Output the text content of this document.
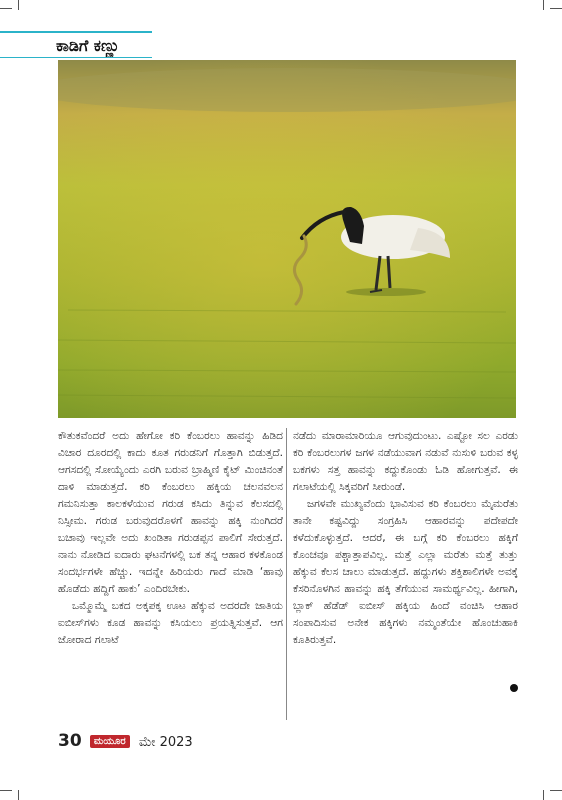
ಕಾಡಿಗೆ ಕಣ್ಣು

ಕೌತುಕವೆಂದರೆ ಅದು ಹೇಗೋ ಕರಿ ಕೆಂಬರಲು ಹಾವನ್ನು ಹಿಡಿದ ವಿಚಾರ ದೂರದಲ್ಲಿ ಕಾದು ಕೂತ ಗರುಡನಿಗೆ ಗೊತ್ತಾಗಿ ಬಿಡುತ್ತದೆ. ಆಗಸದಲ್ಲಿ ಸೋಯ್ಯೆಂದು ಎರಗಿ ಬರುವ ಬ್ರಾಹ್ಮಿಣಿ ಕೈಟ್ ಮಿಂಚಿನಂತೆ ದಾಳಿ ಮಾಡುತ್ತದೆ. ಕರಿ ಕೆಂಬರಲು ಹಕ್ಕಿಯ ಚಲನವಲನ ಗಮನಿಸುತ್ತಾ ಕಾಲಕಳೆಯುವ ಗರುಡ ಕಸಿದು ತಿನ್ನುವ ಕೆಲಸದಲ್ಲಿ ನಿಸ್ಸೀಮ. ಗರುಡ ಬರುವುದರೊಳಗೆ ಹಾವನ್ನು ಹಕ್ಕಿ ನುಂಗಿದರೆ ಬಚಾವು ಇಲ್ಲವೇ ಅದು ಖಂಡಿತಾ ಗರುಡಪ್ಪನ ಪಾಲಿಗೆ ಸೇರುತ್ತದೆ. ನಾನು ನೋಡಿದ ಐದಾರು ಘಟನೆಗಳಲ್ಲಿ ಬಕ ತನ್ನ ಆಹಾರ ಕಳಕೊಂಡ ಸಂದರ್ಭಗಳೇ ಹೆಚ್ಚು. ಇದನ್ನೇ ಹಿರಿಯರು ಗಾದೆ ಮಾಡಿ ‘ಹಾವು ಹೊಡೆದು ಹದ್ದಿಗೆ ಹಾಕು’ ಎಂದಿರಬೇಕು.

ಒಮ್ಮೊಮ್ಮೆ ಬಕದ ಅಕ್ಕಪಕ್ಕ ಊಟ ಹೆಕ್ಕುವ ಅದರದೇ ಜಾತಿಯ ಐಬೀಸ್‌ಗಳು ಕೂಡ ಹಾವನ್ನು ಕಸಿಯಲು ಪ್ರಯತ್ನಿಸುತ್ತವೆ. ಆಗ ಜೋರಾದ ಗಲಾಟೆ

ನಡೆದು ಮಾರಾಮಾರಿಯೂ ಆಗುವುದುಂಟು. ಎಷ್ಟೋ ಸಲ ಎರಡು ಕರಿ ಕೆಂಬರಲುಗಳ ಜಗಳ ನಡೆಯುವಾಗ ನಡುವೆ ನುಸುಳಿ ಬರುವ ಕಳ್ಳ ಬಕಗಳು ಸತ್ತ ಹಾವನ್ನು ಕದ್ದುಕೊಂಡು ಓಡಿ ಹೋಗುತ್ತವೆ. ಈ ಗಲಾಟೆಯಲ್ಲಿ ಸಿಕ್ಕವರಿಗೆ ಸೀರುಂಡೆ.

ಜಗಳವೇ ಮುಖ್ಯವೆಂದು ಭಾವಿಸುವ ಕರಿ ಕೆಂಬರಲು ಮೈಮರೆತು ತಾನೇ ಕಷ್ಟವಿದ್ದು ಸಂಗ್ರಹಿಸಿ ಆಹಾರವನ್ನು ಪದೇಪದೇ ಕಳೆದುಕೊಳ್ಳುತ್ತದೆ. ಆದರೆ, ಈ ಬಗ್ಗೆ ಕರಿ ಕೆಂಬರಲು ಹಕ್ಕಿಗೆ ಕೊಂಚವೂ ಪಶ್ಚಾತ್ತಾಪವಿಲ್ಲ. ಮತ್ತೆ ಎಲ್ಲಾ ಮರೆತು ಮತ್ತೆ ತುತ್ತು ಹೆಕ್ಕುವ ಕೆಲಸ ಚಾಲು ಮಾಡುತ್ತದೆ. ಹದ್ದುಗಳು ಶಕ್ತಿಶಾಲಿಗಳೇ ಅವಕ್ಕೆ ಕೆಸರಿನೊಳಗಿನ ಹಾವನ್ನು ಹಕ್ಕಿ ತೆಗೆಯುವ ಸಾಮರ್ಥ್ಯವಿಲ್ಲ. ಹೀಗಾಗಿ, ಬ್ಲಾಕ್ ಹೆಡೆಡ್ ಐಬೀಸ್ ಹಕ್ಕಿಯ ಹಿಂದೆ ವಂಚಿಸಿ ಆಹಾರ ಸಂಪಾದಿಸುವ ಅನೇಕ ಹಕ್ಕಿಗಳು ನಮ್ಮಂತೆಯೇ ಹೊಂಚುಹಾಕಿ ಕೂತಿರುತ್ತವೆ.

30 ಮಯೂರ ಮೇ 2023
